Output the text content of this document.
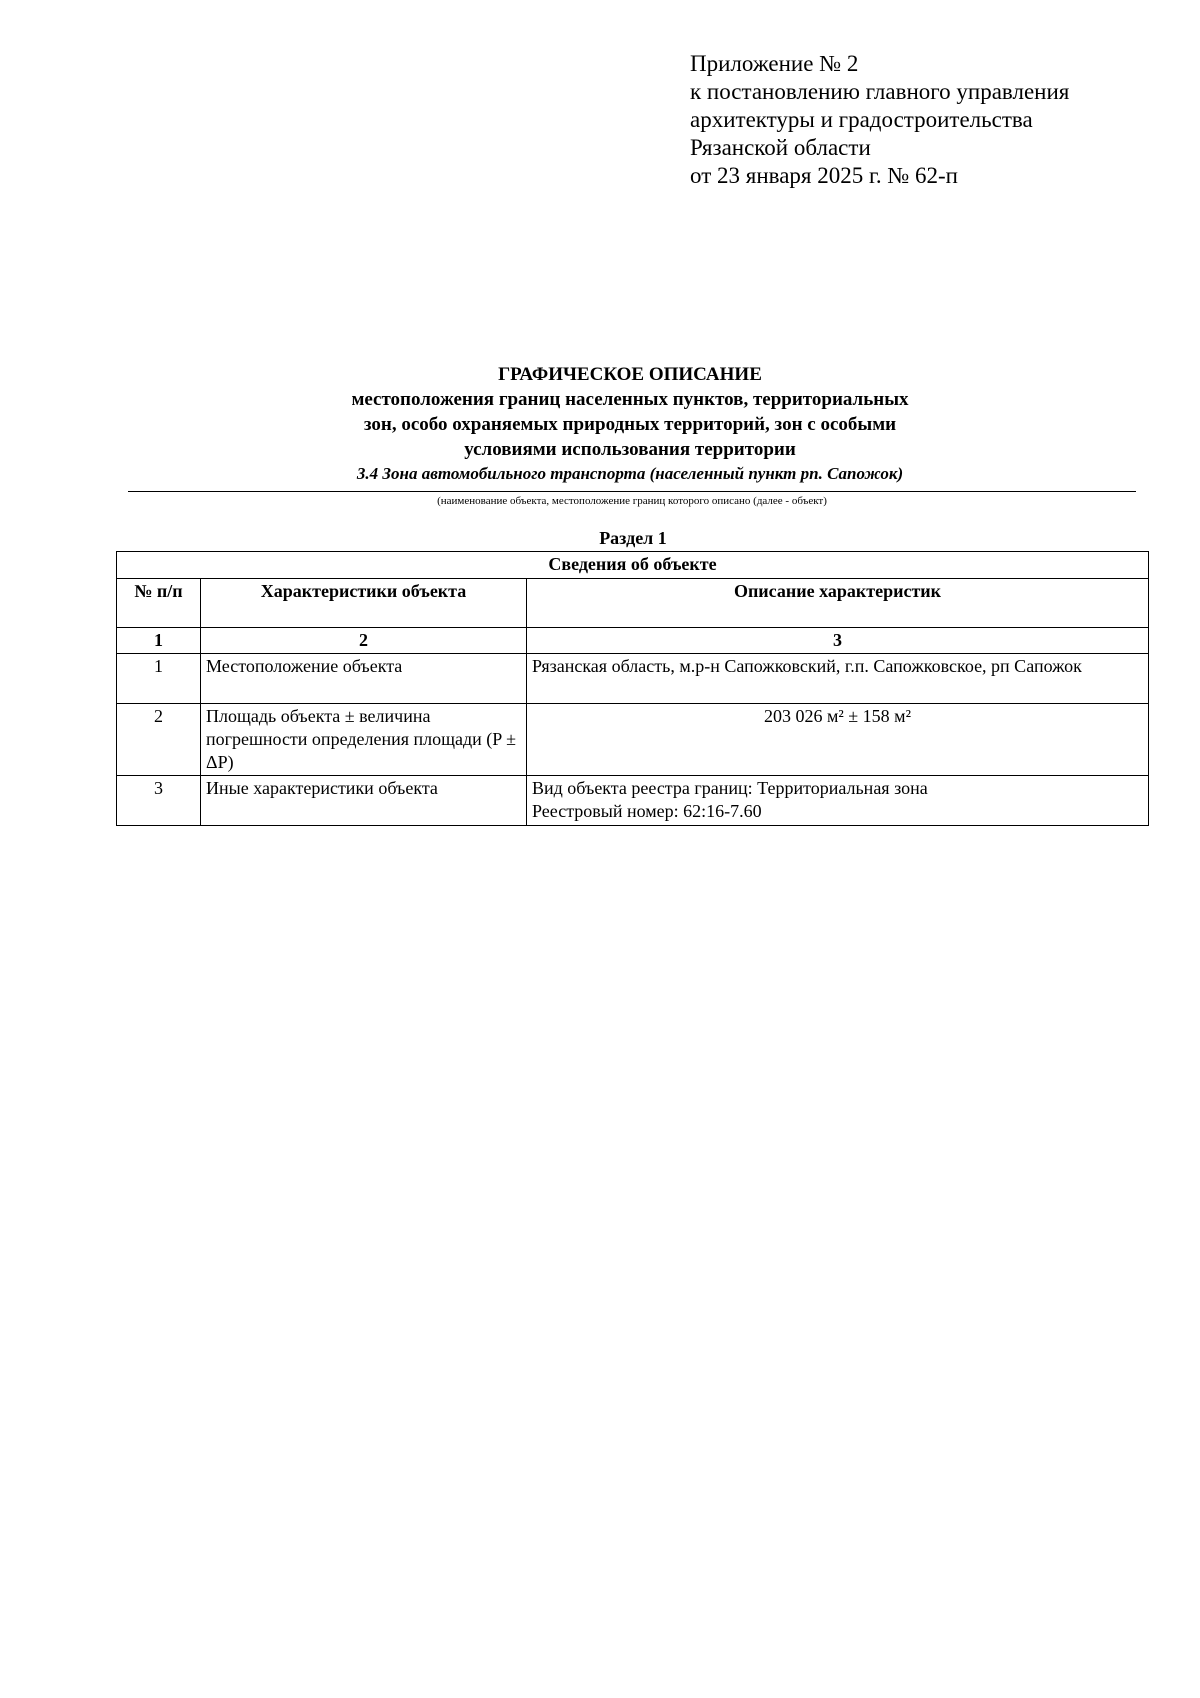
Приложение № 2
к постановлению главного управления
архитектуры и градостроительства
Рязанской области
от 23 января 2025 г. № 62-п
ГРАФИЧЕСКОЕ ОПИСАНИЕ
местоположения границ населенных пунктов, территориальных
зон, особо охраняемых природных территорий, зон с особыми
условиями использования территории
3.4 Зона автомобильного транспорта (населенный пункт рп. Сапожок)
(наименование объекта, местоположение границ которого описано (далее - объект)
Раздел 1
Сведения об объекте		
№ п/п	Характеристики объекта	Описание характеристик
1	2	3
1	Местоположение объекта	Рязанская область, м.р-н Сапожковский, г.п. Сапожковское, рп Сапожок

2	Площадь объекта ± величина погрешности определения площади (P ± ΔP)	203 026 м² ± 158 м²

3	Иные характеристики объекта	Вид объекта реестра границ: Территориальная зона
Реестровый номер: 62:16-7.60
